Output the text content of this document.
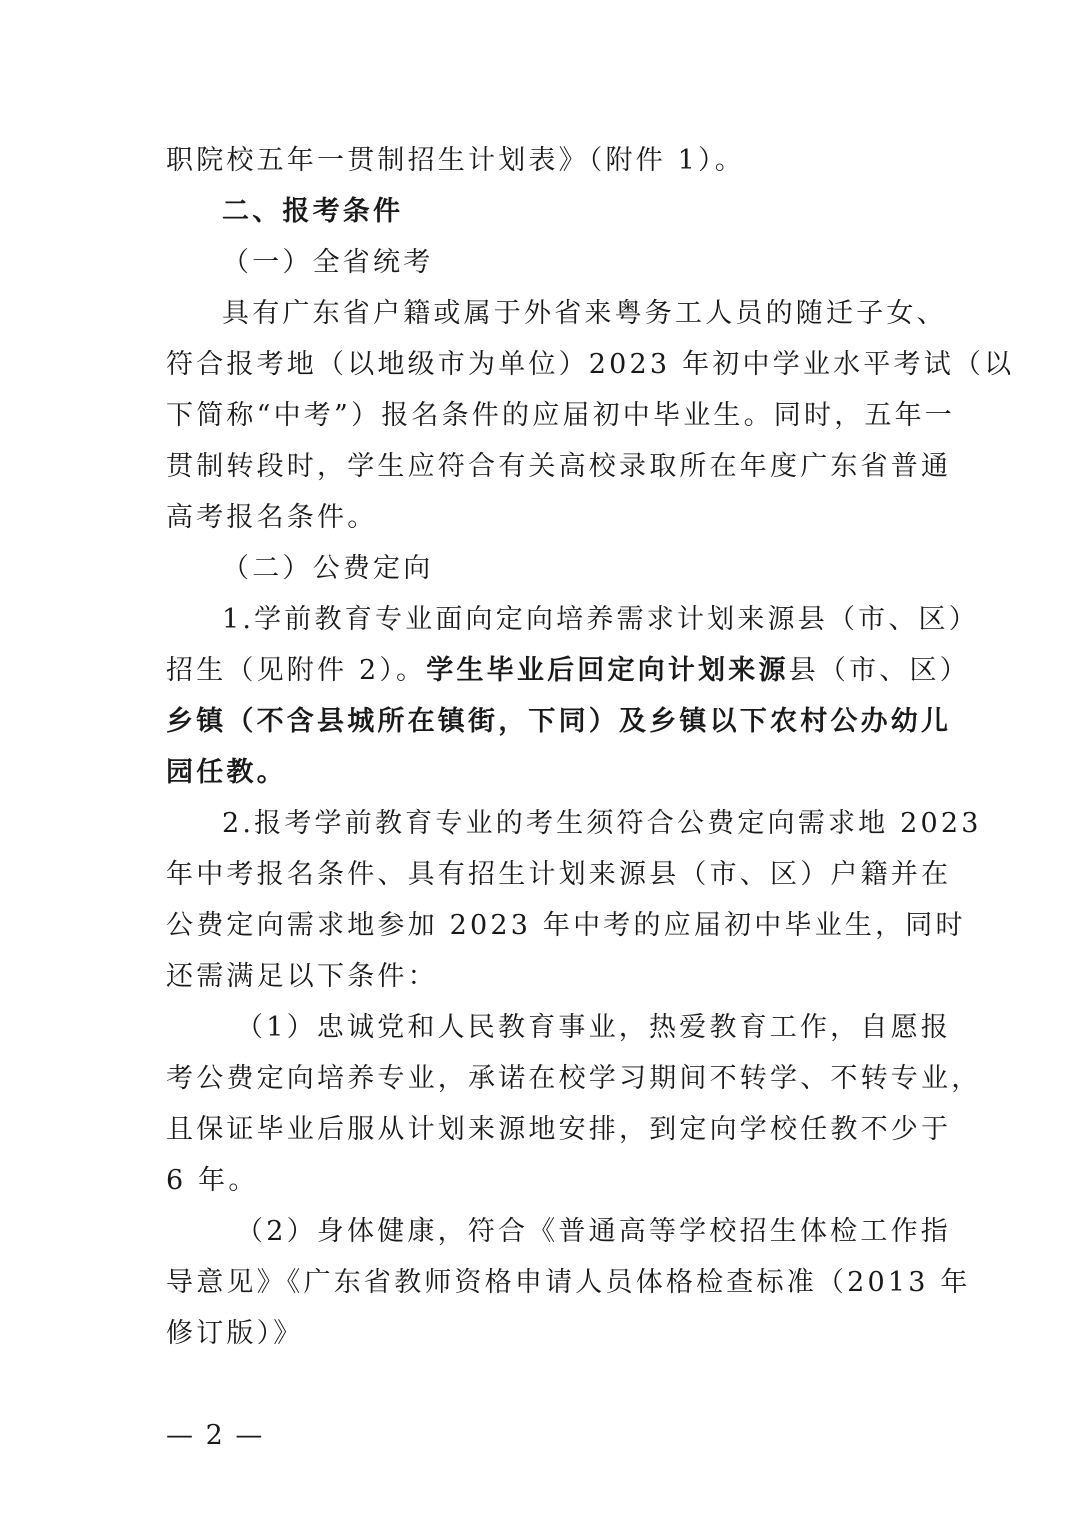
职院校五年一贯制招生计划表》（附件 1）。
二、报考条件
（一）全省统考
具有广东省户籍或属于外省来粤务工人员的随迁子女、
符合报考地（以地级市为单位）2023 年初中学业水平考试（以
下简称“中考”）报名条件的应届初中毕业生。同时，五年一
贯制转段时，学生应符合有关高校录取所在年度广东省普通
高考报名条件。
（二）公费定向
1.学前教育专业面向定向培养需求计划来源县（市、区）
招生（见附件 2）。学生毕业后回定向计划来源县（市、区）
乡镇（不含县城所在镇街，下同）及乡镇以下农村公办幼儿
园任教。
2.报考学前教育专业的考生须符合公费定向需求地 2023
年中考报名条件、具有招生计划来源县（市、区）户籍并在
公费定向需求地参加 2023 年中考的应届初中毕业生，同时
还需满足以下条件：
（1）忠诚党和人民教育事业，热爱教育工作，自愿报
考公费定向培养专业，承诺在校学习期间不转学、不转专业，
且保证毕业后服从计划来源地安排，到定向学校任教不少于
6 年。
（2）身体健康，符合《普通高等学校招生体检工作指
导意见》《广东省教师资格申请人员体格检查标准（2013 年
修订版）》
— 2 —
